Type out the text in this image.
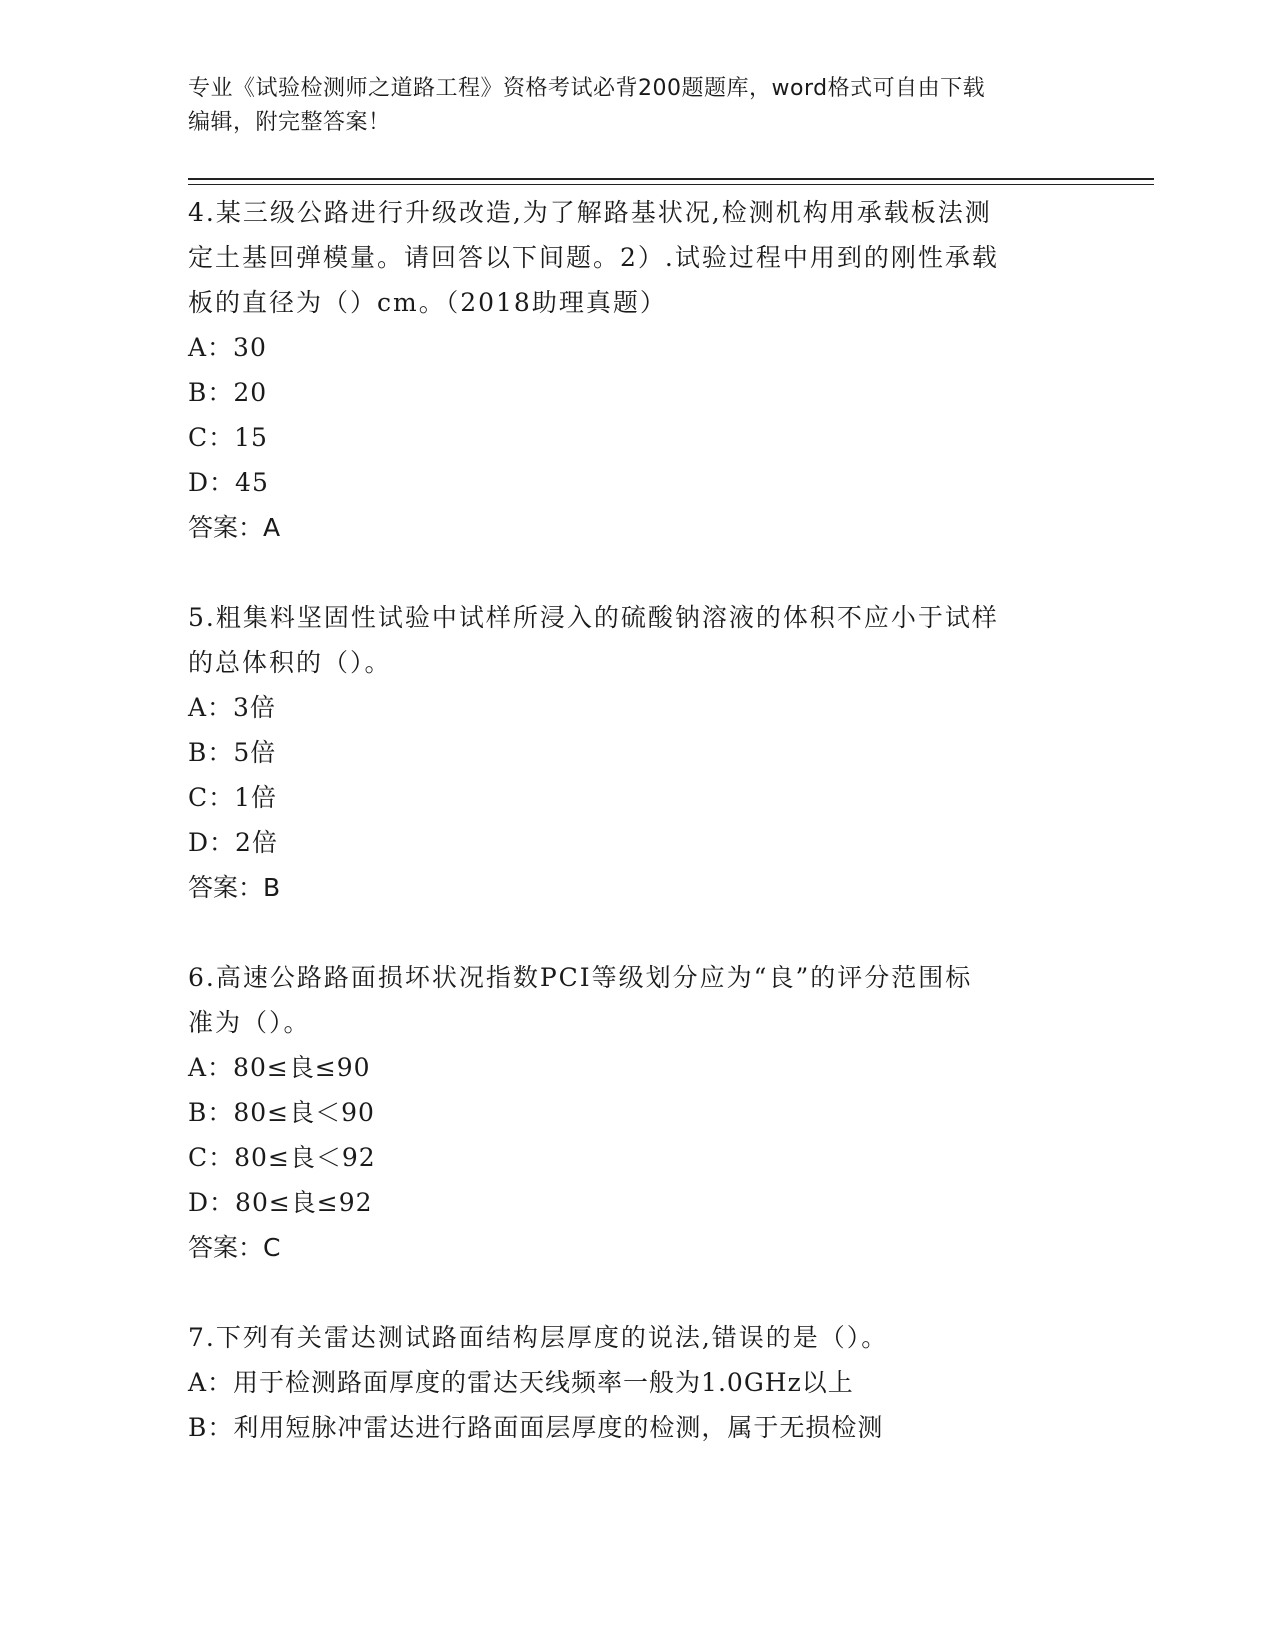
专业《试验检测师之道路工程》资格考试必背200题题库，word格式可自由下载
编辑，附完整答案！
4.某三级公路进行升级改造,为了解路基状况,检测机构用承载板法测
定土基回弹模量。请回答以下间题。2）.试验过程中用到的刚性承载
板的直径为（）cm。（2018助理真题）
A：30
B：20
C：15
D：45
答案：A
5.粗集料坚固性试验中试样所浸入的硫酸钠溶液的体积不应小于试样
的总体积的（）。
A：3倍
B：5倍
C：1倍
D：2倍
答案：B
6.高速公路路面损坏状况指数PCI等级划分应为“良”的评分范围标
准为（）。
A：80≤良≤90
B：80≤良＜90
C：80≤良＜92
D：80≤良≤92
答案：C
7.下列有关雷达测试路面结构层厚度的说法,错误的是（）。
A：用于检测路面厚度的雷达天线频率一般为1.0GHz以上
B：利用短脉冲雷达进行路面面层厚度的检测，属于无损检测
